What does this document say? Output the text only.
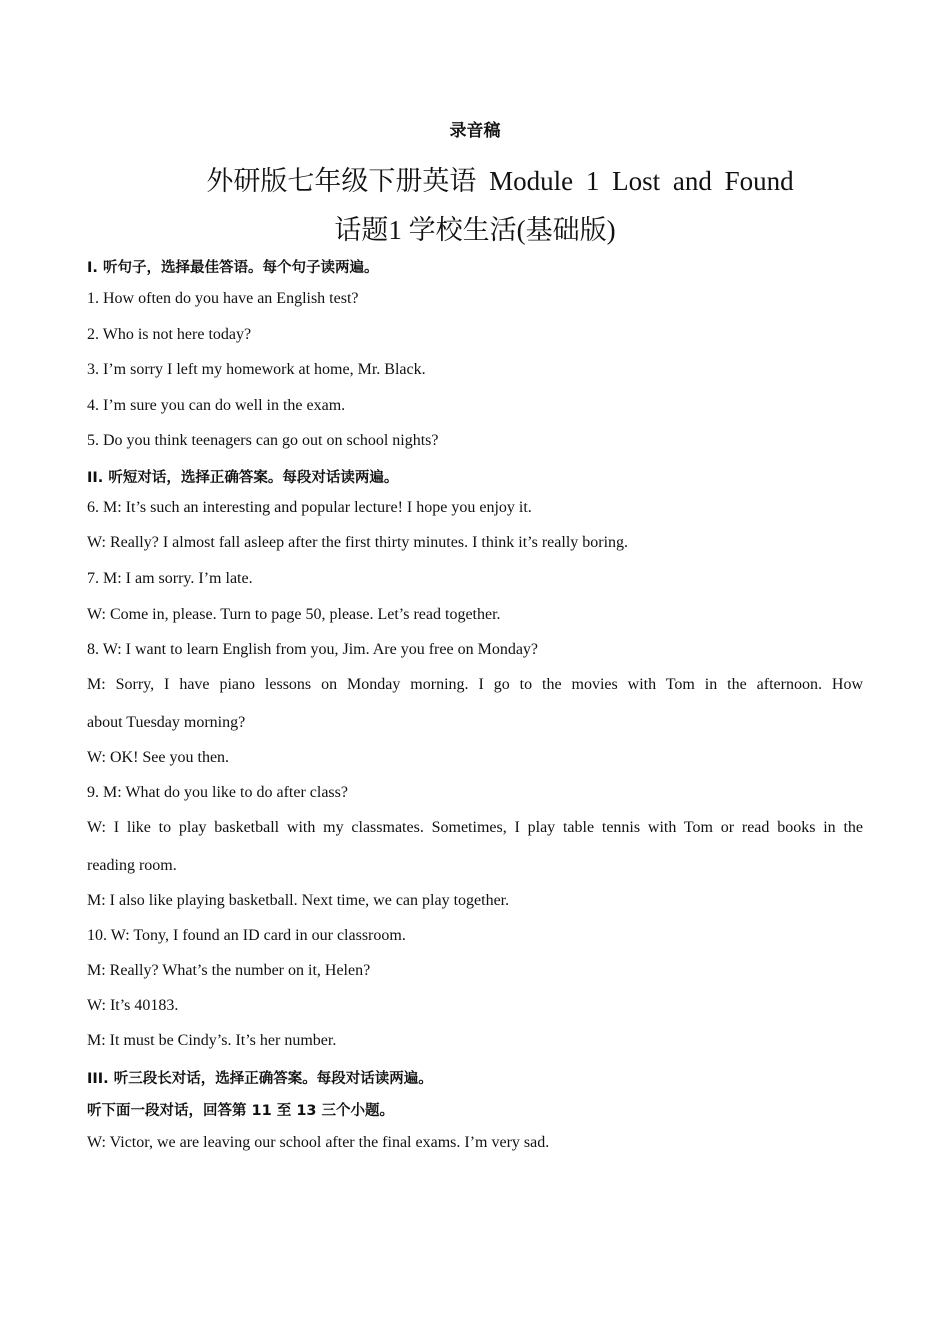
录音稿
外研版七年级下册英语 Module 1 Lost and Found
话题1 学校生活(基础版)
I. 听句子，选择最佳答语。每个句子读两遍。
1. How often do you have an English test?
2. Who is not here today?
3. I’m sorry I left my homework at home, Mr. Black.
4. I’m sure you can do well in the exam.
5. Do you think teenagers can go out on school nights?
II. 听短对话，选择正确答案。每段对话读两遍。
6. M: It’s such an interesting and popular lecture! I hope you enjoy it.
W: Really? I almost fall asleep after the first thirty minutes. I think it’s really boring.
7. M: I am sorry. I’m late.
W: Come in, please. Turn to page 50, please. Let’s read together.
8. W: I want to learn English from you, Jim. Are you free on Monday?
M: Sorry, I have piano lessons on Monday morning. I go to the movies with Tom in the afternoon. How
about Tuesday morning?
W: OK! See you then.
9. M: What do you like to do after class?
W: I like to play basketball with my classmates. Sometimes, I play table tennis with Tom or read books in the
reading room.
M: I also like playing basketball. Next time, we can play together.
10. W: Tony, I found an ID card in our classroom.
M: Really? What’s the number on it, Helen?
W: It’s 40183.
M: It must be Cindy’s. It’s her number.
III. 听三段长对话，选择正确答案。每段对话读两遍。
听下面一段对话，回答第 11 至 13 三个小题。
W: Victor, we are leaving our school after the final exams. I’m very sad.
